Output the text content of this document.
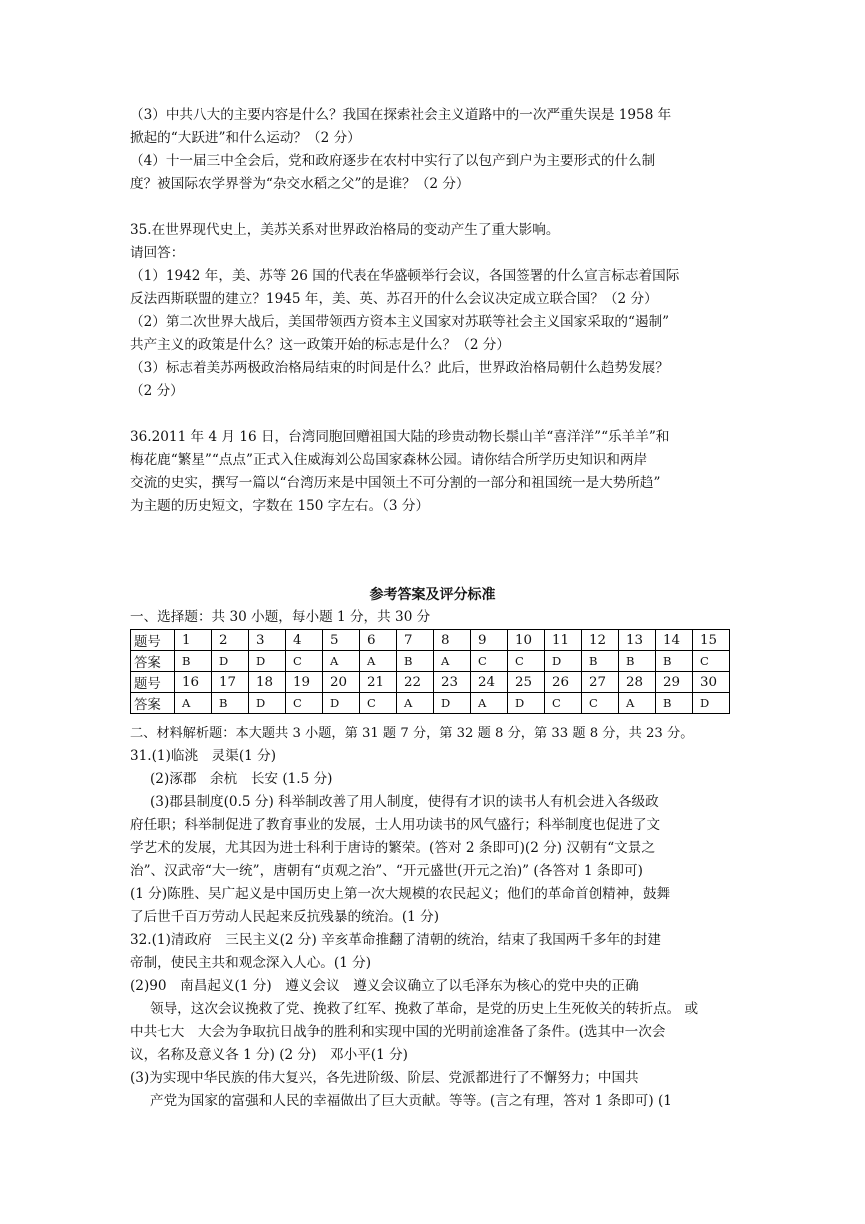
（3）中共八大的主要内容是什么？我国在探索社会主义道路中的一次严重失误是 1958 年
掀起的“大跃进”和什么运动？（2 分）
（4）十一届三中全会后，党和政府逐步在农村中实行了以包产到户为主要形式的什么制
度？被国际农学界誉为“杂交水稻之父”的是谁？（2 分）
35.在世界现代史上，美苏关系对世界政治格局的变动产生了重大影响。
请回答：
（1）1942 年，美、苏等 26 国的代表在华盛顿举行会议，各国签署的什么宣言标志着国际
反法西斯联盟的建立？1945 年，美、英、苏召开的什么会议决定成立联合国？（2 分）
（2）第二次世界大战后，美国带领西方资本主义国家对苏联等社会主义国家采取的“遏制”
共产主义的政策是什么？这一政策开始的标志是什么？（2 分）
（3）标志着美苏两极政治格局结束的时间是什么？此后，世界政治格局朝什么趋势发展？
（2 分）
36.2011 年 4 月 16 日，台湾同胞回赠祖国大陆的珍贵动物长鬃山羊“喜洋洋”“乐羊羊”和
梅花鹿“繁星”“点点”正式入住威海刘公岛国家森林公园。请你结合所学历史知识和两岸
交流的史实，撰写一篇以“台湾历来是中国领土不可分割的一部分和祖国统一是大势所趋”
为主题的历史短文，字数在 150 字左右。（3 分）
参考答案及评分标准
一、选择题：共 30 小题，每小题 1 分，共 30 分
题号	1	2	3	4	5	6	7	8	9	10	11	12	13	14	15
答案	B	D	D	C	A	A	B	A	C	C	D	B	B	B	C
题号	16	17	18	19	20	21	22	23	24	25	26	27	28	29	30
答案	A	B	D	C	D	C	A	D	A	D	C	C	A	B	D
二、材料解析题：本大题共 3 小题，第 31 题 7 分，第 32 题 8 分，第 33 题 8 分，共 23 分。
31.(1)临洮　灵渠(1 分)
(2)涿郡　余杭　长安 (1.5 分)
(3)郡县制度(0.5 分) 科举制改善了用人制度，使得有才识的读书人有机会进入各级政
府任职；科举制促进了教育事业的发展，士人用功读书的风气盛行；科举制度也促进了文
学艺术的发展，尤其因为进士科利于唐诗的繁荣。(答对 2 条即可)(2 分) 汉朝有“文景之
治”、汉武帝“大一统”，唐朝有“贞观之治”、“开元盛世(开元之治)” (各答对 1 条即可)
(1 分)陈胜、吴广起义是中国历史上第一次大规模的农民起义；他们的革命首创精神，鼓舞
了后世千百万劳动人民起来反抗残暴的统治。(1 分)
32.(1)清政府　三民主义(2 分) 辛亥革命推翻了清朝的统治，结束了我国两千多年的封建
帝制，使民主共和观念深入人心。(1 分)
(2)90　南昌起义(1 分)　遵义会议　遵义会议确立了以毛泽东为核心的党中央的正确
领导，这次会议挽救了党、挽救了红军、挽救了革命，是党的历史上生死攸关的转折点。 或
中共七大　大会为争取抗日战争的胜利和实现中国的光明前途准备了条件。(选其中一次会
议，名称及意义各 1 分) (2 分)　邓小平(1 分)
(3)为实现中华民族的伟大复兴，各先进阶级、阶层、党派都进行了不懈努力；中国共
产党为国家的富强和人民的幸福做出了巨大贡献。等等。(言之有理，答对 1 条即可) (1
